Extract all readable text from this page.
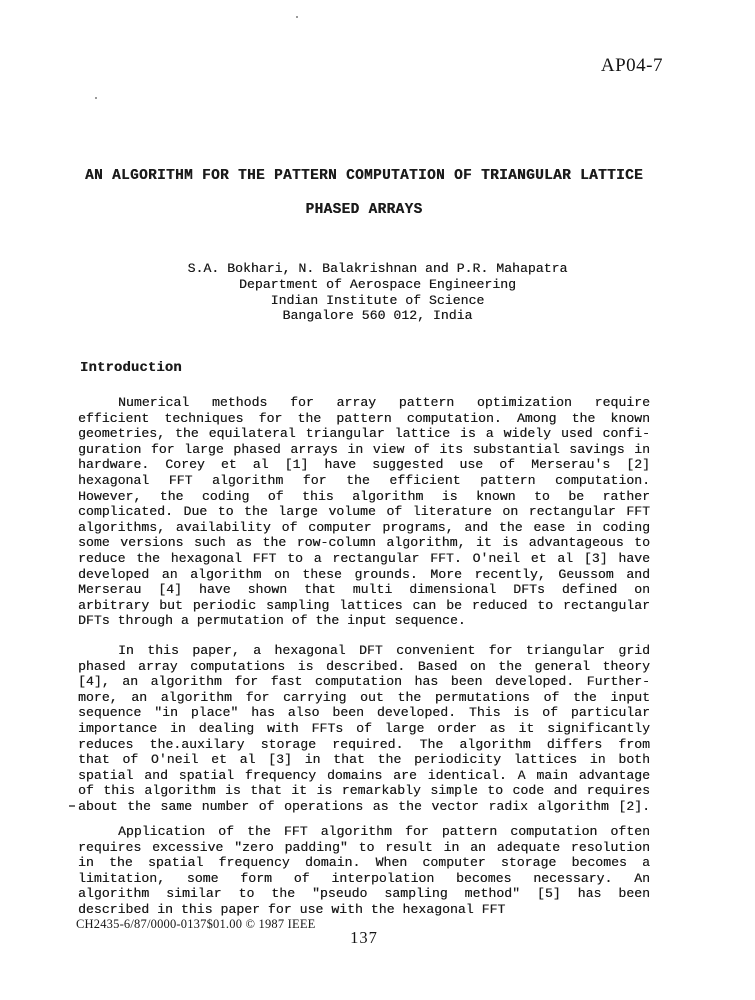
AP04-7
AN ALGORITHM FOR THE PATTERN COMPUTATION OF TRIANGULAR LATTICE
PHASED ARRAYS
S.A. Bokhari, N. Balakrishnan and P.R. Mahapatra
Department of Aerospace Engineering
Indian Institute of Science
Bangalore 560 012, India
Introduction
Numerical methods for array pattern optimization require
efficient techniques for the pattern computation. Among the known
geometries, the equilateral triangular lattice is a widely used confi-
guration for large phased arrays in view of its substantial savings in
hardware. Corey et al [1] have suggested use of Merserau's [2]
hexagonal FFT algorithm for the efficient pattern computation.
However, the coding of this algorithm is known to be rather
complicated. Due to the large volume of literature on rectangular FFT
algorithms, availability of computer programs, and the ease in coding
some versions such as the row-column algorithm, it is advantageous to
reduce the hexagonal FFT to a rectangular FFT. O'neil et al [3] have
developed an algorithm on these grounds. More recently, Geussom and
Merserau [4] have shown that multi dimensional DFTs defined on
arbitrary but periodic sampling lattices can be reduced to rectangular
DFTs through a permutation of the input sequence.
In this paper, a hexagonal DFT convenient for triangular grid
phased array computations is described. Based on the general theory
[4], an algorithm for fast computation has been developed. Further-
more, an algorithm for carrying out the permutations of the input
sequence "in place" has also been developed. This is of particular
importance in dealing with FFTs of large order as it significantly
reduces the.auxilary storage required. The algorithm differs from
that of O'neil et al [3] in that the periodicity lattices in both
spatial and spatial frequency domains are identical. A main advantage
of this algorithm is that it is remarkably simple to code and requires
about the same number of operations as the vector radix algorithm [2].
Application of the FFT algorithm for pattern computation often
requires excessive "zero padding" to result in an adequate resolution
in the spatial frequency domain. When computer storage becomes a
limitation, some form of interpolation becomes necessary. An
algorithm similar to the "pseudo sampling method" [5] has been
described in this paper for use with the hexagonal FFT
CH2435-6/87/0000-0137$01.00 © 1987 IEEE
137
